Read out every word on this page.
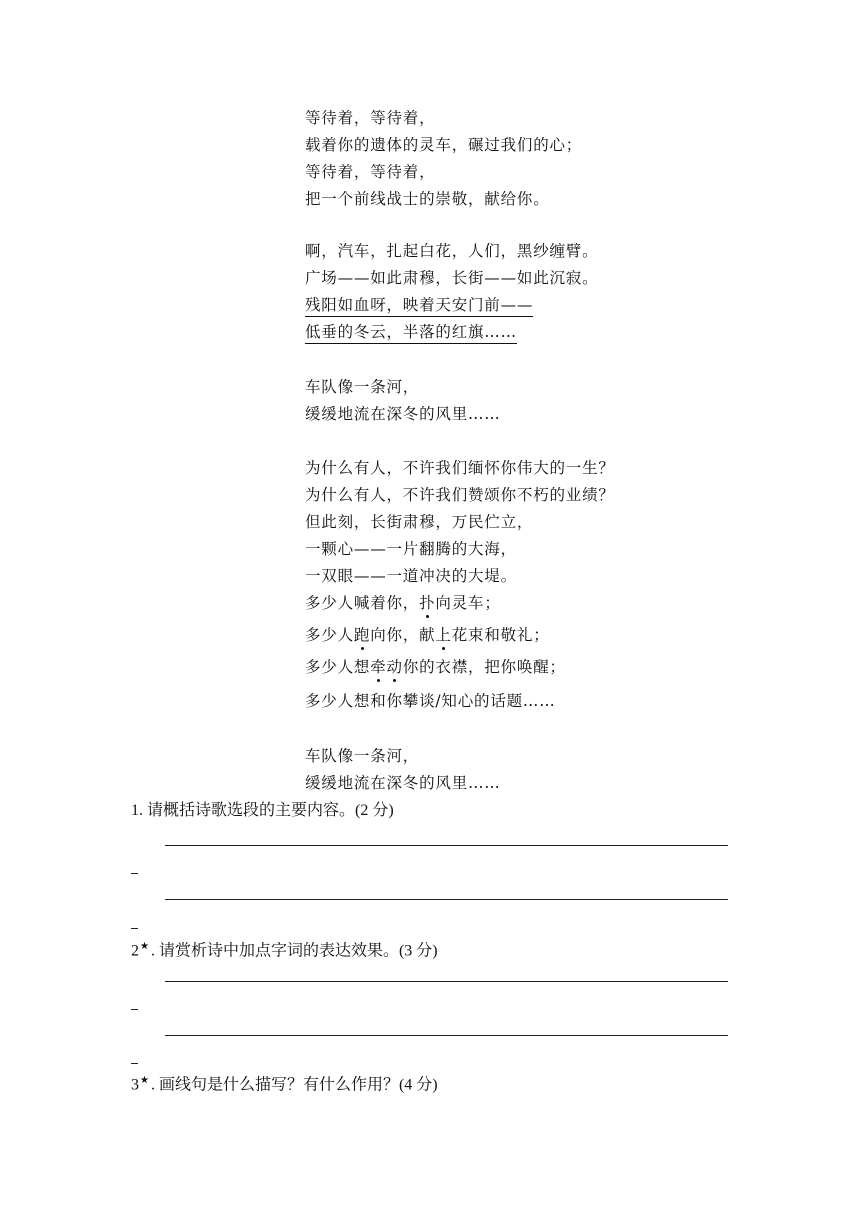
等待着，等待着，
载着你的遗体的灵车，碾过我们的心；
等待着，等待着，
把一个前线战士的崇敬，献给你。
啊，汽车，扎起白花，人们，黑纱缠臂。
广场——如此肃穆，长街——如此沉寂。
残阳如血呀，映着天安门前——
低垂的冬云，半落的红旗……
车队像一条河，
缓缓地流在深冬的风里……
为什么有人，不许我们缅怀你伟大的一生？
为什么有人，不许我们赞颂你不朽的业绩？
但此刻，长街肃穆，万民伫立，
一颗心——一片翻腾的大海，
一双眼——一道冲决的大堤。
多少人喊着你，扑向灵车；
多少人跑向你，献上花束和敬礼；
多少人想牵动你的衣襟，把你唤醒；
多少人想和你攀谈/知心的话题……
车队像一条河，
缓缓地流在深冬的风里……
1. 请概括诗歌选段的主要内容。(2 分)
2★ . 请赏析诗中加点字词的表达效果。(3 分)
3★ . 画线句是什么描写？有什么作用？(4 分)
